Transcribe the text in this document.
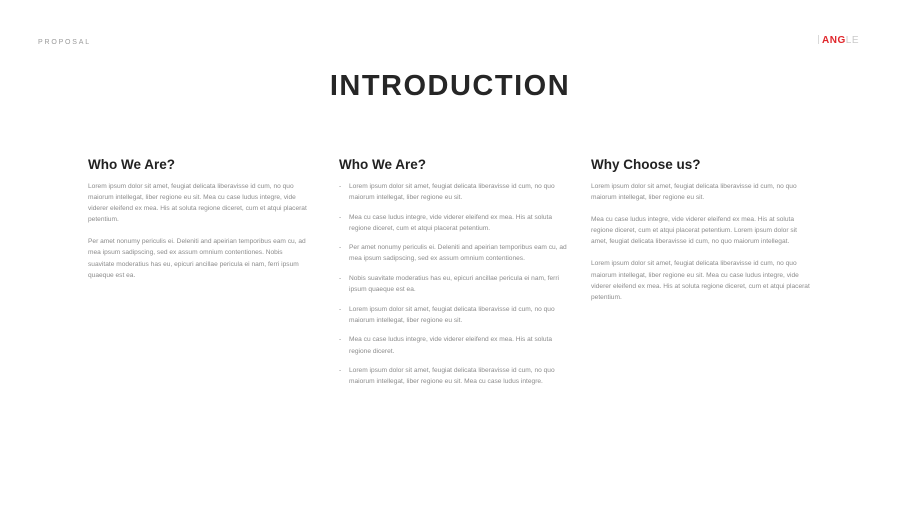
PROPOSAL	ANGLE
INTRODUCTION
Who We Are?

Lorem ipsum dolor sit amet, feugiat delicata liberavisse id cum, no quo maiorum intellegat, liber regione eu sit. Mea cu case ludus integre, vide viderer eleifend ex mea. His at soluta regione diceret, cum et atqui placerat petentium.

Per amet nonumy periculis ei. Deleniti and apeirian temporibus eam cu, ad mea ipsum sadipscing, sed ex assum omnium contentiones. Nobis suavitate moderatius has eu, epicuri ancillae pericula ei nam, ferri ipsum quaeque est ea.

Who We Are?
- Lorem ipsum dolor sit amet, feugiat delicata liberavisse id cum, no quo maiorum intellegat, liber regione eu sit.
- Mea cu case ludus integre, vide viderer eleifend ex mea. His at soluta regione diceret, cum et atqui placerat petentium.
- Per amet nonumy periculis ei. Deleniti and apeirian temporibus eam cu, ad mea ipsum sadipscing, sed ex assum omnium contentiones.
- Nobis suavitate moderatius has eu, epicuri ancillae pericula ei nam, ferri ipsum quaeque est ea.
- Lorem ipsum dolor sit amet, feugiat delicata liberavisse id cum, no quo maiorum intellegat, liber regione eu sit.
- Mea cu case ludus integre, vide viderer eleifend ex mea. His at soluta regione diceret.
- Lorem ipsum dolor sit amet, feugiat delicata liberavisse id cum, no quo maiorum intellegat, liber regione eu sit. Mea cu case ludus integre.
Why Choose us?

Lorem ipsum dolor sit amet, feugiat delicata liberavisse id cum, no quo maiorum intellegat, liber regione eu sit.

Mea cu case ludus integre, vide viderer eleifend ex mea. His at soluta regione diceret, cum et atqui placerat petentium. Lorem ipsum dolor sit amet, feugiat delicata liberavisse id cum, no quo maiorum intellegat.

Lorem ipsum dolor sit amet, feugiat delicata liberavisse id cum, no quo maiorum intellegat, liber regione eu sit. Mea cu case ludus integre, vide viderer eleifend ex mea. His at soluta regione diceret, cum et atqui placerat petentium.
